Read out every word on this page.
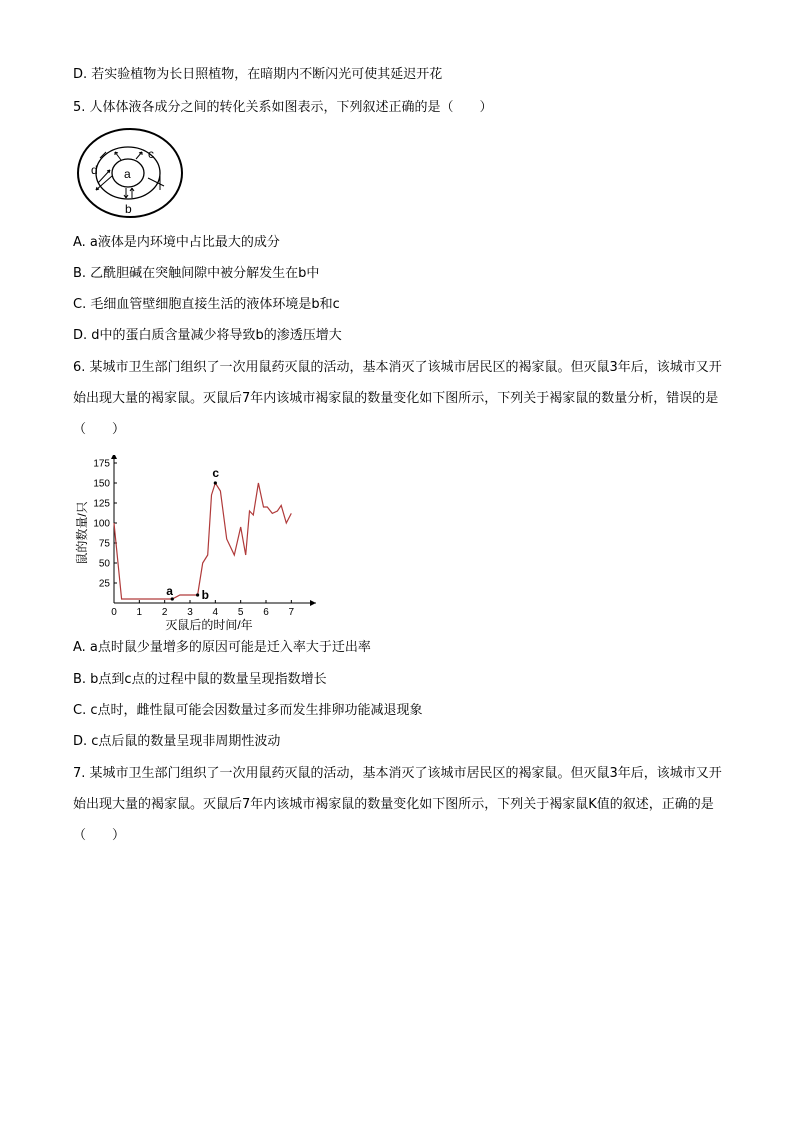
D. 若实验植物为长日照植物，在暗期内不断闪光可使其延迟开花
5. 人体体液各成分之间的转化关系如图表示，下列叙述正确的是（　　）
a
b
c
d
A. a液体是内环境中占比最大的成分
B. 乙酰胆碱在突触间隙中被分解发生在b中
C. 毛细血管壁细胞直接生活的液体环境是b和c
D. d中的蛋白质含量减少将导致b的渗透压增大
6. 某城市卫生部门组织了一次用鼠药灭鼠的活动，基本消灭了该城市居民区的褐家鼠。但灭鼠3年后，该城市又开始出现大量的褐家鼠。灭鼠后7年内该城市褐家鼠的数量变化如下图所示，下列关于褐家鼠的数量分析，错误的是（　　）
0 1 2 3 4 5 6 7
25
50
75
100
125
150
175
灭鼠后的时间/年
鼠的数量/只
a b
c
A. a点时鼠少量增多的原因可能是迁入率大于迁出率
B. b点到c点的过程中鼠的数量呈现指数增长
C. c点时，雌性鼠可能会因数量过多而发生排卵功能减退现象
D. c点后鼠的数量呈现非周期性波动
7. 某城市卫生部门组织了一次用鼠药灭鼠的活动，基本消灭了该城市居民区的褐家鼠。但灭鼠3年后，该城市又开始出现大量的褐家鼠。灭鼠后7年内该城市褐家鼠的数量变化如下图所示，下列关于褐家鼠K值的叙述，正确的是（　　）
